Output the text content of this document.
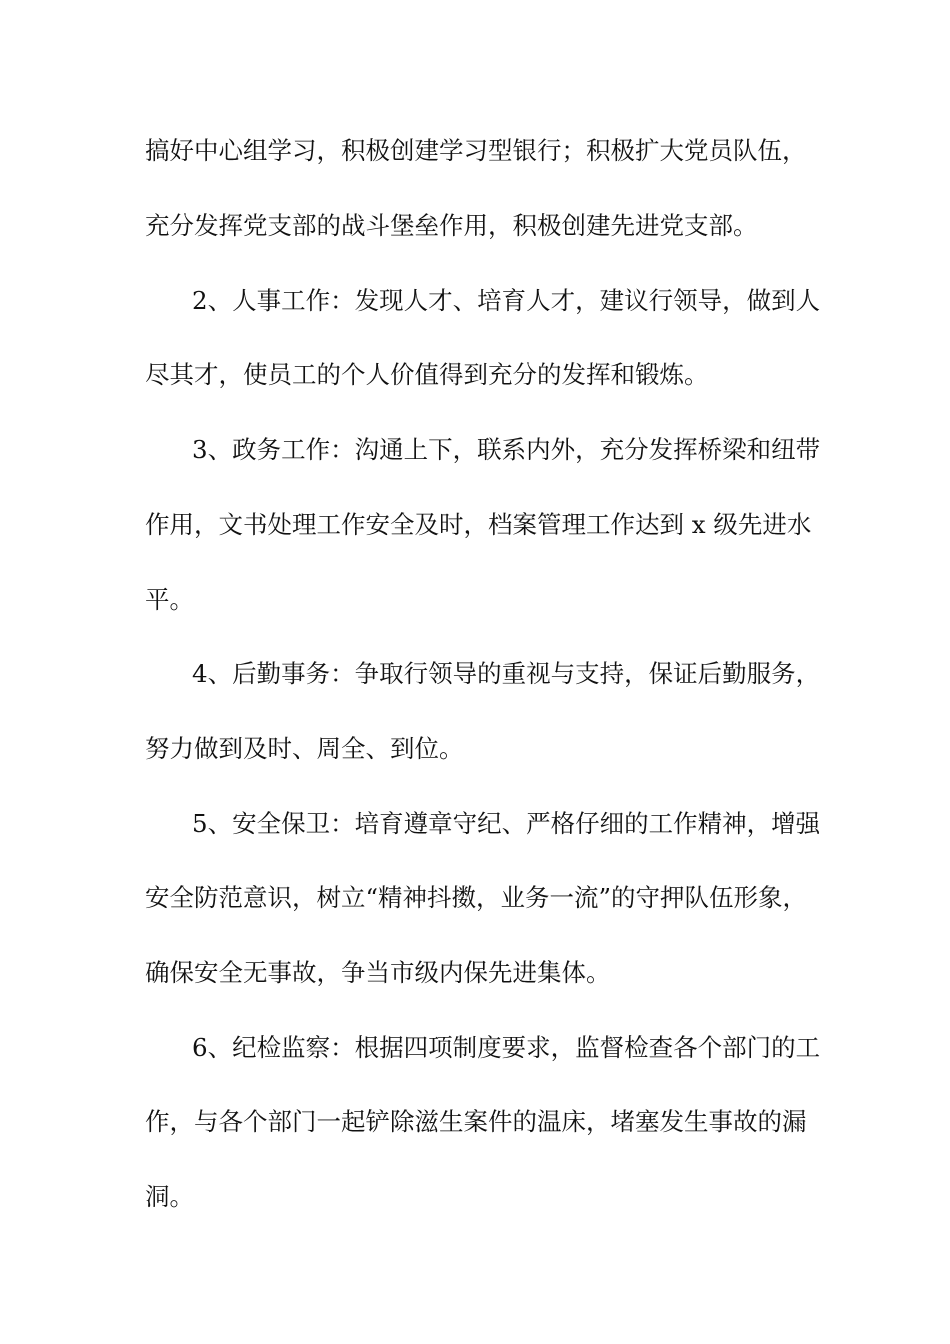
搞好中心组学习，积极创建学习型银行；积极扩大党员队伍，
充分发挥党支部的战斗堡垒作用，积极创建先进党支部。
2、人事工作：发现人才、培育人才，建议行领导，做到人
尽其才，使员工的个人价值得到充分的发挥和锻炼。
3、政务工作：沟通上下，联系内外，充分发挥桥梁和纽带
作用，文书处理工作安全及时，档案管理工作达到 x 级先进水
平。
4、后勤事务：争取行领导的重视与支持，保证后勤服务，
努力做到及时、周全、到位。
5、安全保卫：培育遵章守纪、严格仔细的工作精神，增强
安全防范意识，树立“精神抖擞，业务一流”的守押队伍形象，
确保安全无事故，争当市级内保先进集体。
6、纪检监察：根据四项制度要求，监督检查各个部门的工
作，与各个部门一起铲除滋生案件的温床，堵塞发生事故的漏
洞。
